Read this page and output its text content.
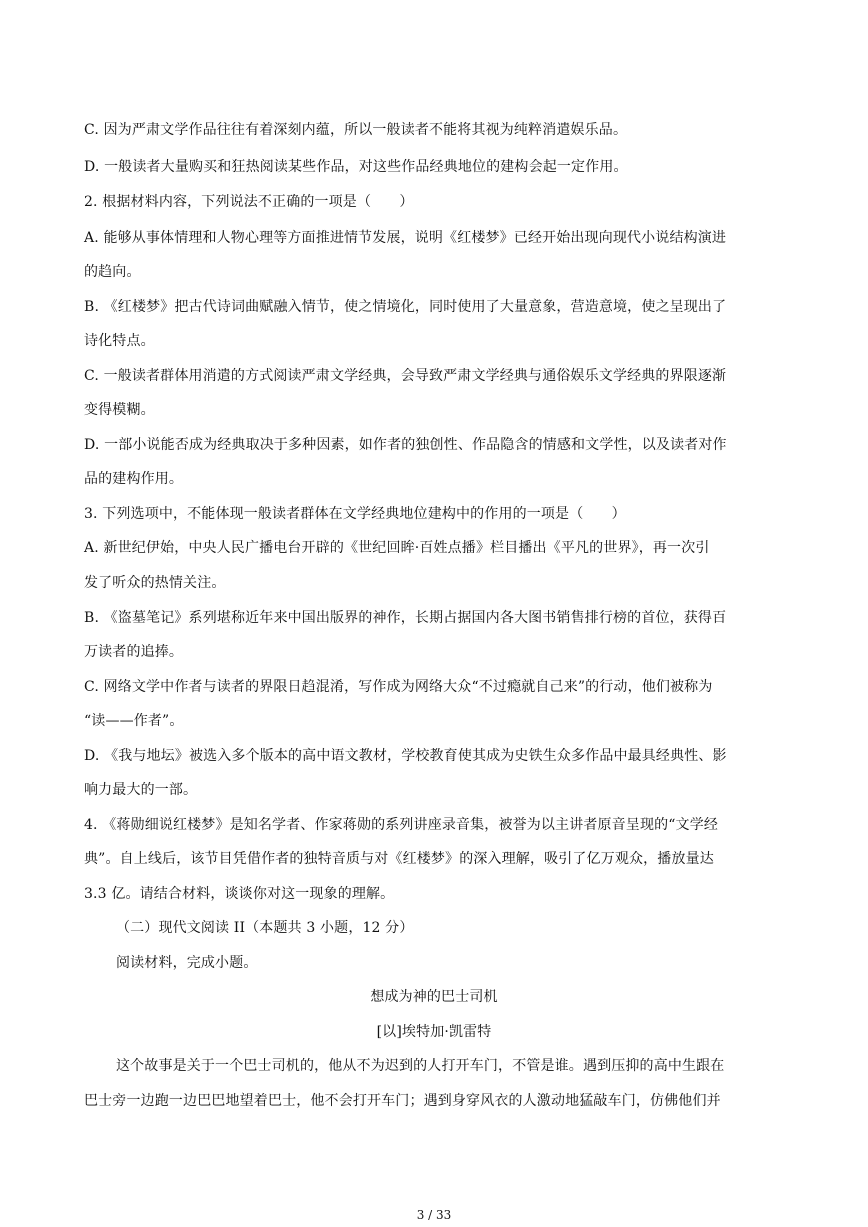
C. 因为严肃文学作品往往有着深刻内蕴，所以一般读者不能将其视为纯粹消遣娱乐品。
D. 一般读者大量购买和狂热阅读某些作品，对这些作品经典地位的建构会起一定作用。
2. 根据材料内容，下列说法不正确的一项是（　　）
A. 能够从事体情理和人物心理等方面推进情节发展，说明《红楼梦》已经开始出现向现代小说结构演进
的趋向。
B. 《红楼梦》把古代诗词曲赋融入情节，使之情境化，同时使用了大量意象，营造意境，使之呈现出了
诗化特点。
C. 一般读者群体用消遣的方式阅读严肃文学经典，会导致严肃文学经典与通俗娱乐文学经典的界限逐渐
变得模糊。
D. 一部小说能否成为经典取决于多种因素，如作者的独创性、作品隐含的情感和文学性，以及读者对作
品的建构作用。
3. 下列选项中，不能体现一般读者群体在文学经典地位建构中的作用的一项是（　　）
A. 新世纪伊始，中央人民广播电台开辟的《世纪回眸·百姓点播》栏目播出《平凡的世界》，再一次引
发了听众的热情关注。
B. 《盗墓笔记》系列堪称近年来中国出版界的神作，长期占据国内各大图书销售排行榜的首位，获得百
万读者的追捧。
C. 网络文学中作者与读者的界限日趋混淆，写作成为网络大众“不过瘾就自己来”的行动，他们被称为
“读——作者”。
D. 《我与地坛》被选入多个版本的高中语文教材，学校教育使其成为史铁生众多作品中最具经典性、影
响力最大的一部。
4. 《蒋勋细说红楼梦》是知名学者、作家蒋勋的系列讲座录音集，被誉为以主讲者原音呈现的“文学经
典”。自上线后，该节目凭借作者的独特音质与对《红楼梦》的深入理解，吸引了亿万观众，播放量达
3.3 亿。请结合材料，谈谈你对这一现象的理解。
（二）现代文阅读 II（本题共 3 小题，12 分）
阅读材料，完成小题。
想成为神的巴士司机
[以]埃特加·凯雷特
这个故事是关于一个巴士司机的，他从不为迟到的人打开车门，不管是谁。遇到压抑的高中生跟在
巴士旁一边跑一边巴巴地望着巴士，他不会打开车门；遇到身穿风衣的人激动地猛敲车门，仿佛他们并
3 / 33
